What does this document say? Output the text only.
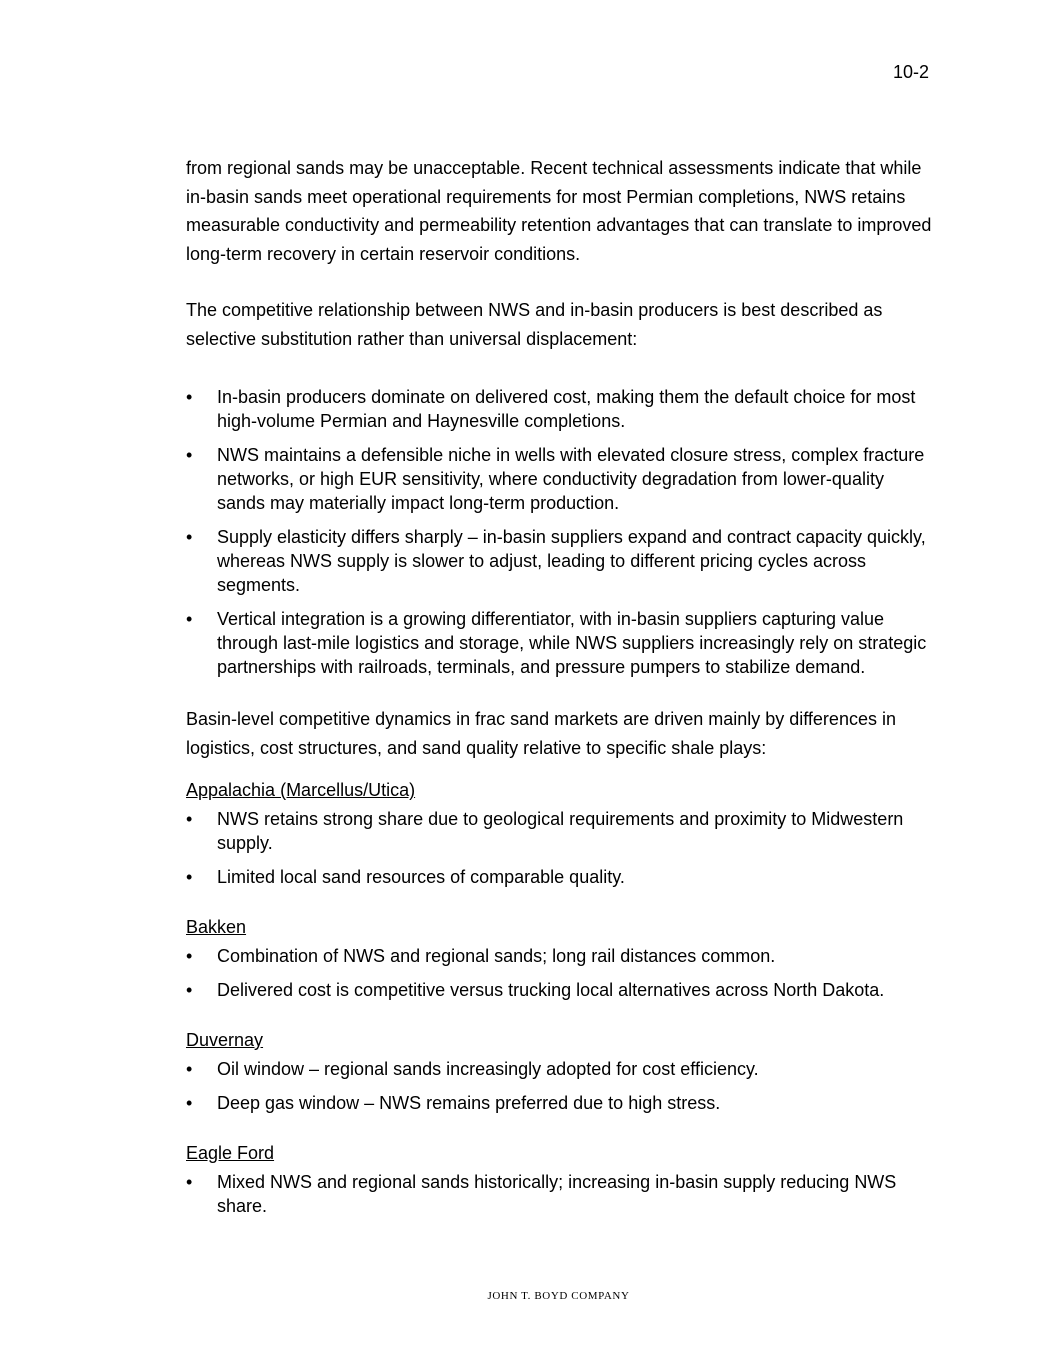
10-2

from regional sands may be unacceptable. Recent technical assessments indicate that while in-basin sands meet operational requirements for most Permian completions, NWS retains measurable conductivity and permeability retention advantages that can translate to improved long-term recovery in certain reservoir conditions.

The competitive relationship between NWS and in-basin producers is best described as selective substitution rather than universal displacement:

• In-basin producers dominate on delivered cost, making them the default choice for most high-volume Permian and Haynesville completions.
• NWS maintains a defensible niche in wells with elevated closure stress, complex fracture networks, or high EUR sensitivity, where conductivity degradation from lower-quality sands may materially impact long-term production.
• Supply elasticity differs sharply – in-basin suppliers expand and contract capacity quickly, whereas NWS supply is slower to adjust, leading to different pricing cycles across segments.
• Vertical integration is a growing differentiator, with in-basin suppliers capturing value through last-mile logistics and storage, while NWS suppliers increasingly rely on strategic partnerships with railroads, terminals, and pressure pumpers to stabilize demand.

Basin-level competitive dynamics in frac sand markets are driven mainly by differences in logistics, cost structures, and sand quality relative to specific shale plays:

Appalachia (Marcellus/Utica)

• NWS retains strong share due to geological requirements and proximity to Midwestern supply.
• Limited local sand resources of comparable quality.

Bakken

• Combination of NWS and regional sands; long rail distances common.
• Delivered cost is competitive versus trucking local alternatives across North Dakota.

Duvernay

• Oil window – regional sands increasingly adopted for cost efficiency.
• Deep gas window – NWS remains preferred due to high stress.

Eagle Ford

• Mixed NWS and regional sands historically; increasing in-basin supply reducing NWS share.
JOHN T. BOYD COMPANY
